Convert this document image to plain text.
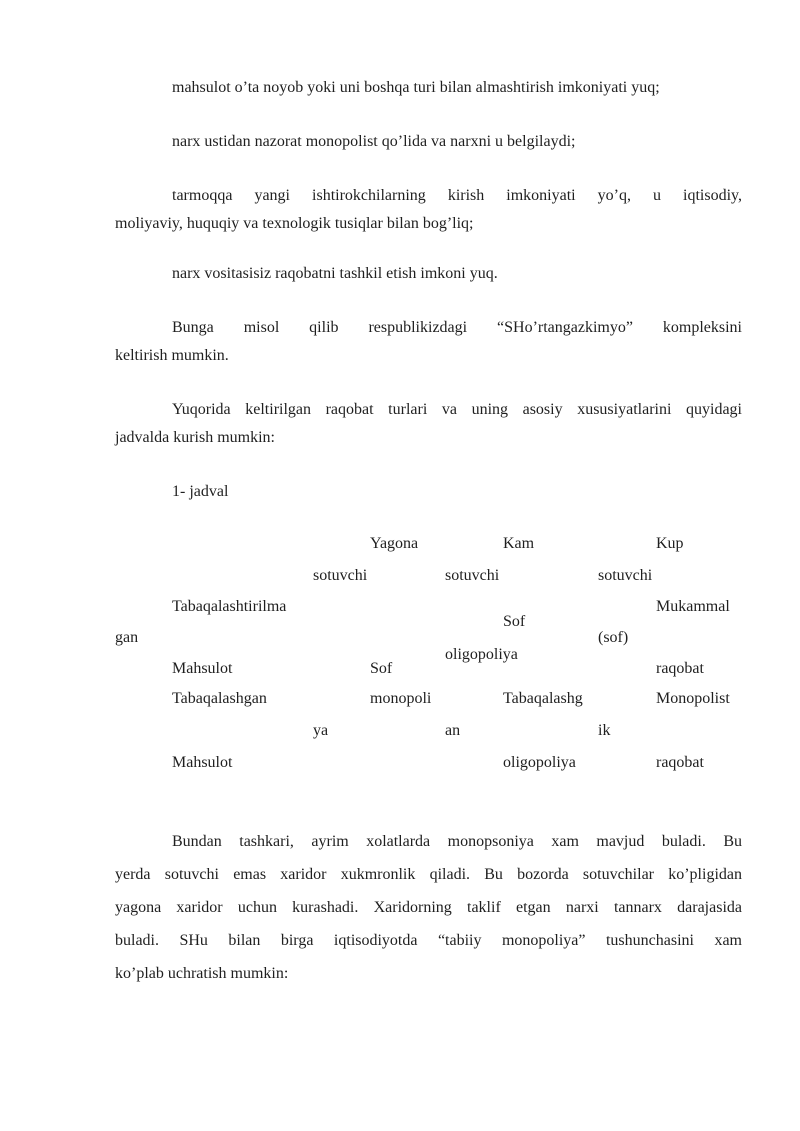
mahsulot o’ta noyob yoki uni boshqa turi bilan almashtirish imkoniyati yuq;
narx ustidan nazorat monopolist qo’lida va narxni u belgilaydi;
tarmoqqa yangi ishtirokchilarning kirish imkoniyati yo’q, u iqtisodiy,
moliyaviy, huquqiy va texnologik tusiqlar bilan bog’liq;
narx vositasisiz raqobatni tashkil etish imkoni yuq.
Bunga misol qilib respublikizdagi “SHo’rtangazkimyo” kompleksini
keltirish mumkin.
Yuqorida keltirilgan raqobat turlari va uning asosiy xususiyatlarini quyidagi
jadvalda kurish mumkin:
1- jadval
Yagona
sotuvchi
Kam
sotuvchi
Kup
sotuvchi
Tabaqalashtirilma
gan
Mahsulot	Sof
Sof
oligopoliya
Mukammal
(sof)
raqobat
Tabaqalashgan
Mahsulot
monopoli
ya
Tabaqalashg
an
oligopoliya
Monopolist
ik
raqobat
Bundan tashkari, ayrim xolatlarda monopsoniya xam mavjud buladi. Bu
yerda sotuvchi emas xaridor xukmronlik qiladi. Bu bozorda sotuvchilar ko’pligidan
yagona xaridor uchun kurashadi. Xaridorning taklif etgan narxi tannarx darajasida
buladi. SHu bilan birga iqtisodiyotda “tabiiy monopoliya” tushunchasini xam
ko’plab uchratish mumkin:
